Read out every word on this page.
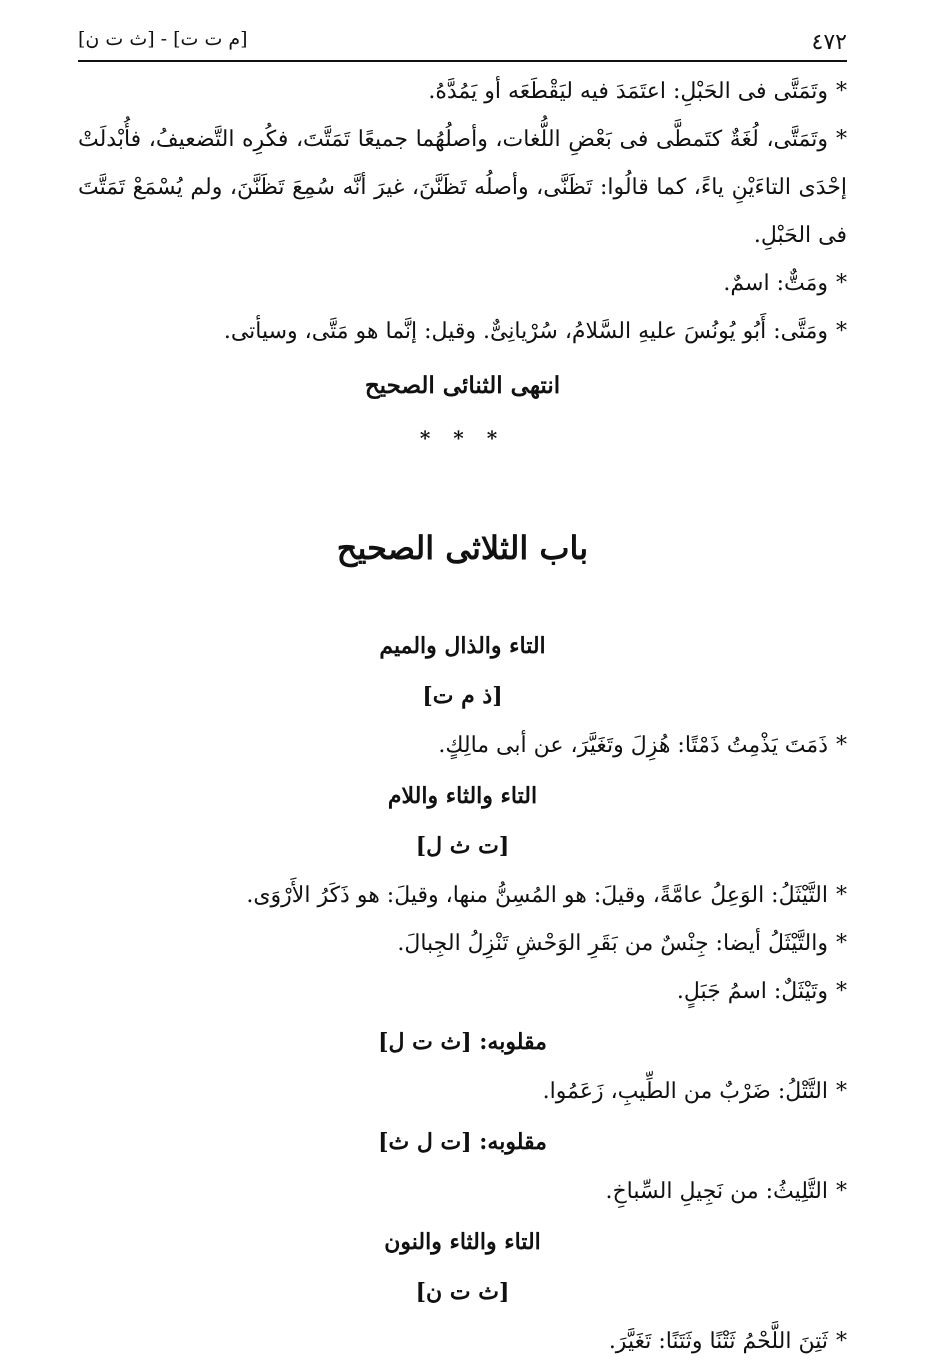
٤٧٢
[م ت ت] - [ث ت ن]

*وتَمَتَّى فى الحَبْلِ: اعتَمَدَ فيه ليَقْطَعَه أو يَمُدَّهُ.

*وتَمَتَّى، لُغَةٌ كتَمطَّى فى بَعْضِ اللُّغات، وأصلُهُما جميعًا تَمَتَّتَ، فكُرِه التَّضعيفُ، فأُبْدلَتْ إحْدَى التاءَيْنِ ياءً، كما قالُوا: تَظَنَّى، وأصلُه تَظَنَّنَ، غيرَ أنَّه سُمِعَ تَظَنَّنَ، ولم يُسْمَعْ تَمَتَّتَ فى الحَبْلِ.

*ومَتٌّ: اسمٌ.

*ومَتَّى: أَبُو يُونُسَ عليهِ السَّلامُ، سُرْيانِىٌّ. وقيل: إنَّما هو مَتَّى، وسيأتى.

انتهى الثنائى الصحيح
* * *
باب الثلاثى الصحيح
التاء والذال والميم
[ذ م ت]

*ذَمَتَ يَذْمِتُ ذَمْتًا: هُزِلَ وتَغَيَّرَ، عن أبى مالِكٍ.

التاء والثاء واللام
[ت ث ل]

*التَّيْثَلُ: الوَعِلُ عامَّةً، وقيلَ: هو المُسِنُّ منها، وقيلَ: هو ذَكَرُ الأَرْوَى.

*والتَّيْثَلُ أيضا: جِنْسٌ من بَقَرِ الوَحْشِ تَنْزِلُ الجِبالَ.

*وتَيْثَلٌ: اسمُ جَبَلٍ.

مقلوبه: [ث ت ل]

*التَّتْلُ: ضَرْبٌ من الطِّيبِ، زَعَمُوا.

مقلوبه: [ت ل ث]

*التَّلِيثُ: من نَجِيلِ السِّباخِ.

التاء والثاء والنون
[ث ت ن]

*ثَتِنَ اللَّحْمُ ثَتْنًا وثَتَنًا: تَغَيَّرَ.
